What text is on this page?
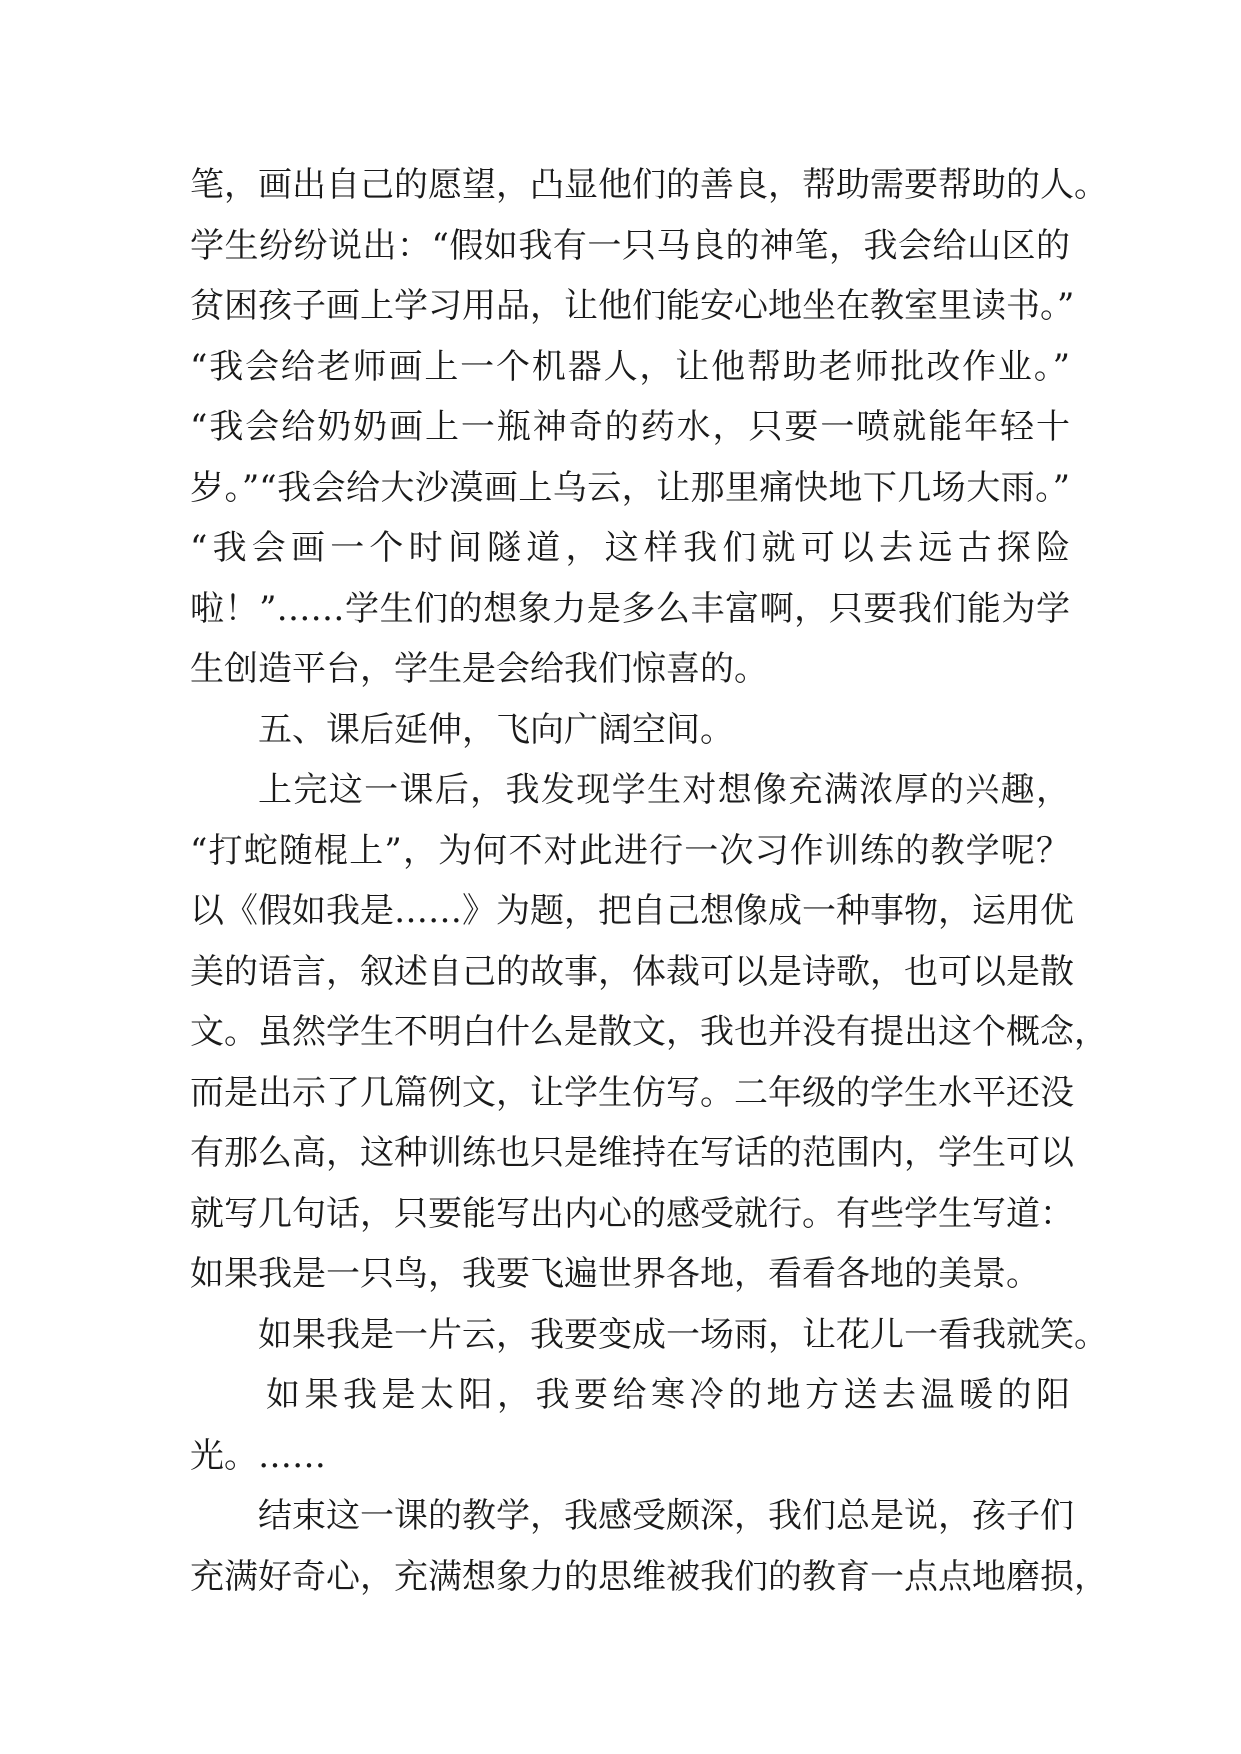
笔，画出自己的愿望，凸显他们的善良，帮助需要帮助的人。
学生纷纷说出：“假如我有一只马良的神笔，我会给山区的
贫困孩子画上学习用品，让他们能安心地坐在教室里读书。”
“我会给老师画上一个机器人，让他帮助老师批改作业。”
“我会给奶奶画上一瓶神奇的药水，只要一喷就能年轻十
岁。”“我会给大沙漠画上乌云，让那里痛快地下几场大雨。”
“我会画一个时间隧道，这样我们就可以去远古探险
啦！”……学生们的想象力是多么丰富啊，只要我们能为学
生创造平台，学生是会给我们惊喜的。
五、课后延伸，飞向广阔空间。
上完这一课后，我发现学生对想像充满浓厚的兴趣，
“打蛇随棍上”，为何不对此进行一次习作训练的教学呢？
以《假如我是……》为题，把自己想像成一种事物，运用优
美的语言，叙述自己的故事，体裁可以是诗歌，也可以是散
文。虽然学生不明白什么是散文，我也并没有提出这个概念，
而是出示了几篇例文，让学生仿写。二年级的学生水平还没
有那么高，这种训练也只是维持在写话的范围内，学生可以
就写几句话，只要能写出内心的感受就行。有些学生写道：
如果我是一只鸟，我要飞遍世界各地，看看各地的美景。
如果我是一片云，我要变成一场雨，让花儿一看我就笑。
如果我是太阳，我要给寒冷的地方送去温暖的阳
光。……
结束这一课的教学，我感受颇深，我们总是说，孩子们
充满好奇心，充满想象力的思维被我们的教育一点点地磨损，
